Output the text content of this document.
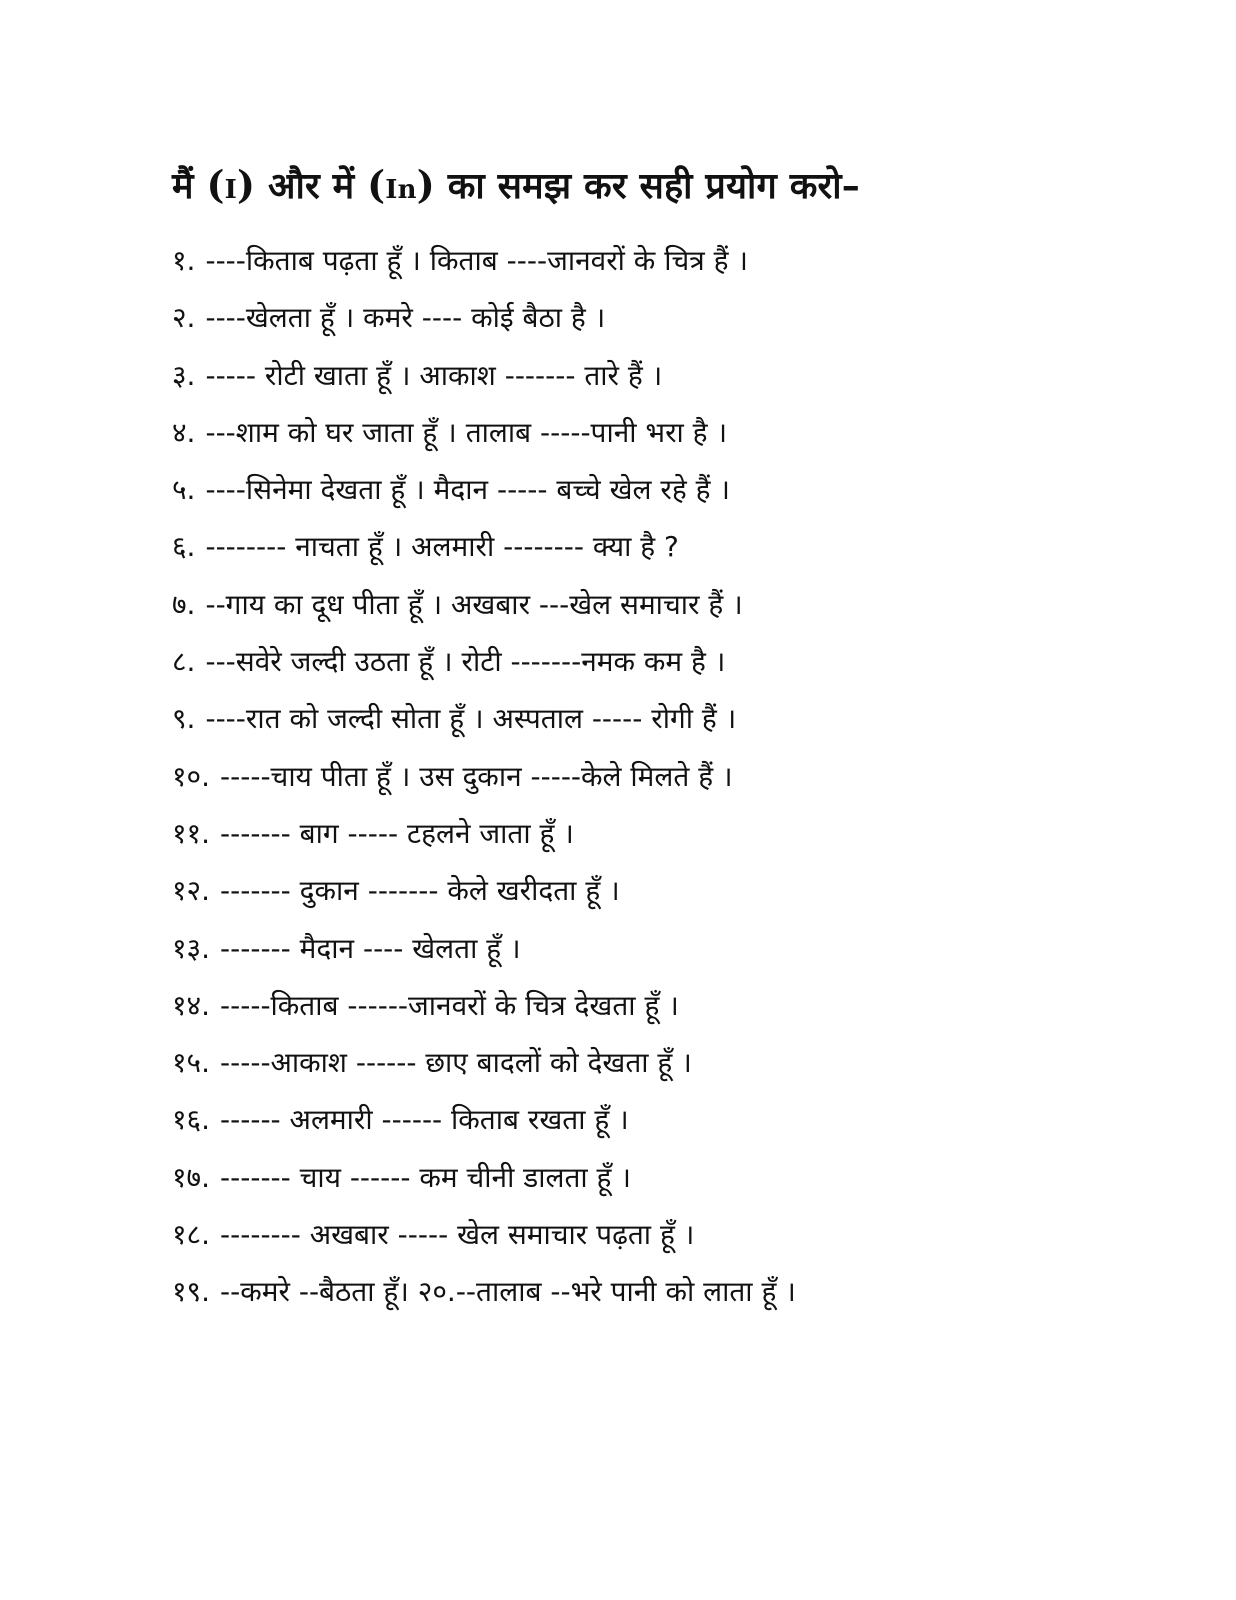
मैं (I) और में (In) का समझ कर सही प्रयोग करो–
१. ----किताब पढ़ता हूँ । किताब ----जानवरों के चित्र हैं ।
२. ----खेलता हूँ । कमरे ---- कोई बैठा है ।
३. ----- रोटी खाता हूँ । आकाश ------- तारे हैं ।
४. ---शाम को घर जाता हूँ । तालाब -----पानी भरा है ।
५. ----सिनेमा देखता हूँ । मैदान ----- बच्चे खेल रहे हैं ।
६. -------- नाचता हूँ । अलमारी -------- क्या है ?
७. --गाय का दूध पीता हूँ । अखबार ---खेल समाचार हैं ।
८. ---सवेरे जल्दी उठता हूँ । रोटी -------नमक कम है ।
९. ----रात को जल्दी सोता हूँ । अस्पताल ----- रोगी हैं ।
१०. -----चाय पीता हूँ । उस दुकान -----केले मिलते हैं ।
११. ------- बाग ----- टहलने जाता हूँ ।
१२. ------- दुकान ------- केले खरीदता हूँ ।
१३. ------- मैदान ---- खेलता हूँ ।
१४. -----किताब ------जानवरों के चित्र देखता हूँ ।
१५. -----आकाश ------ छाए बादलों को देखता हूँ ।
१६. ------ अलमारी ------ किताब रखता हूँ ।
१७. ------- चाय ------ कम चीनी डालता हूँ ।
१८. -------- अखबार ----- खेल समाचार पढ़ता हूँ ।
१९. --कमरे --बैठता हूँ। २०.--तालाब --भरे पानी को लाता हूँ ।
